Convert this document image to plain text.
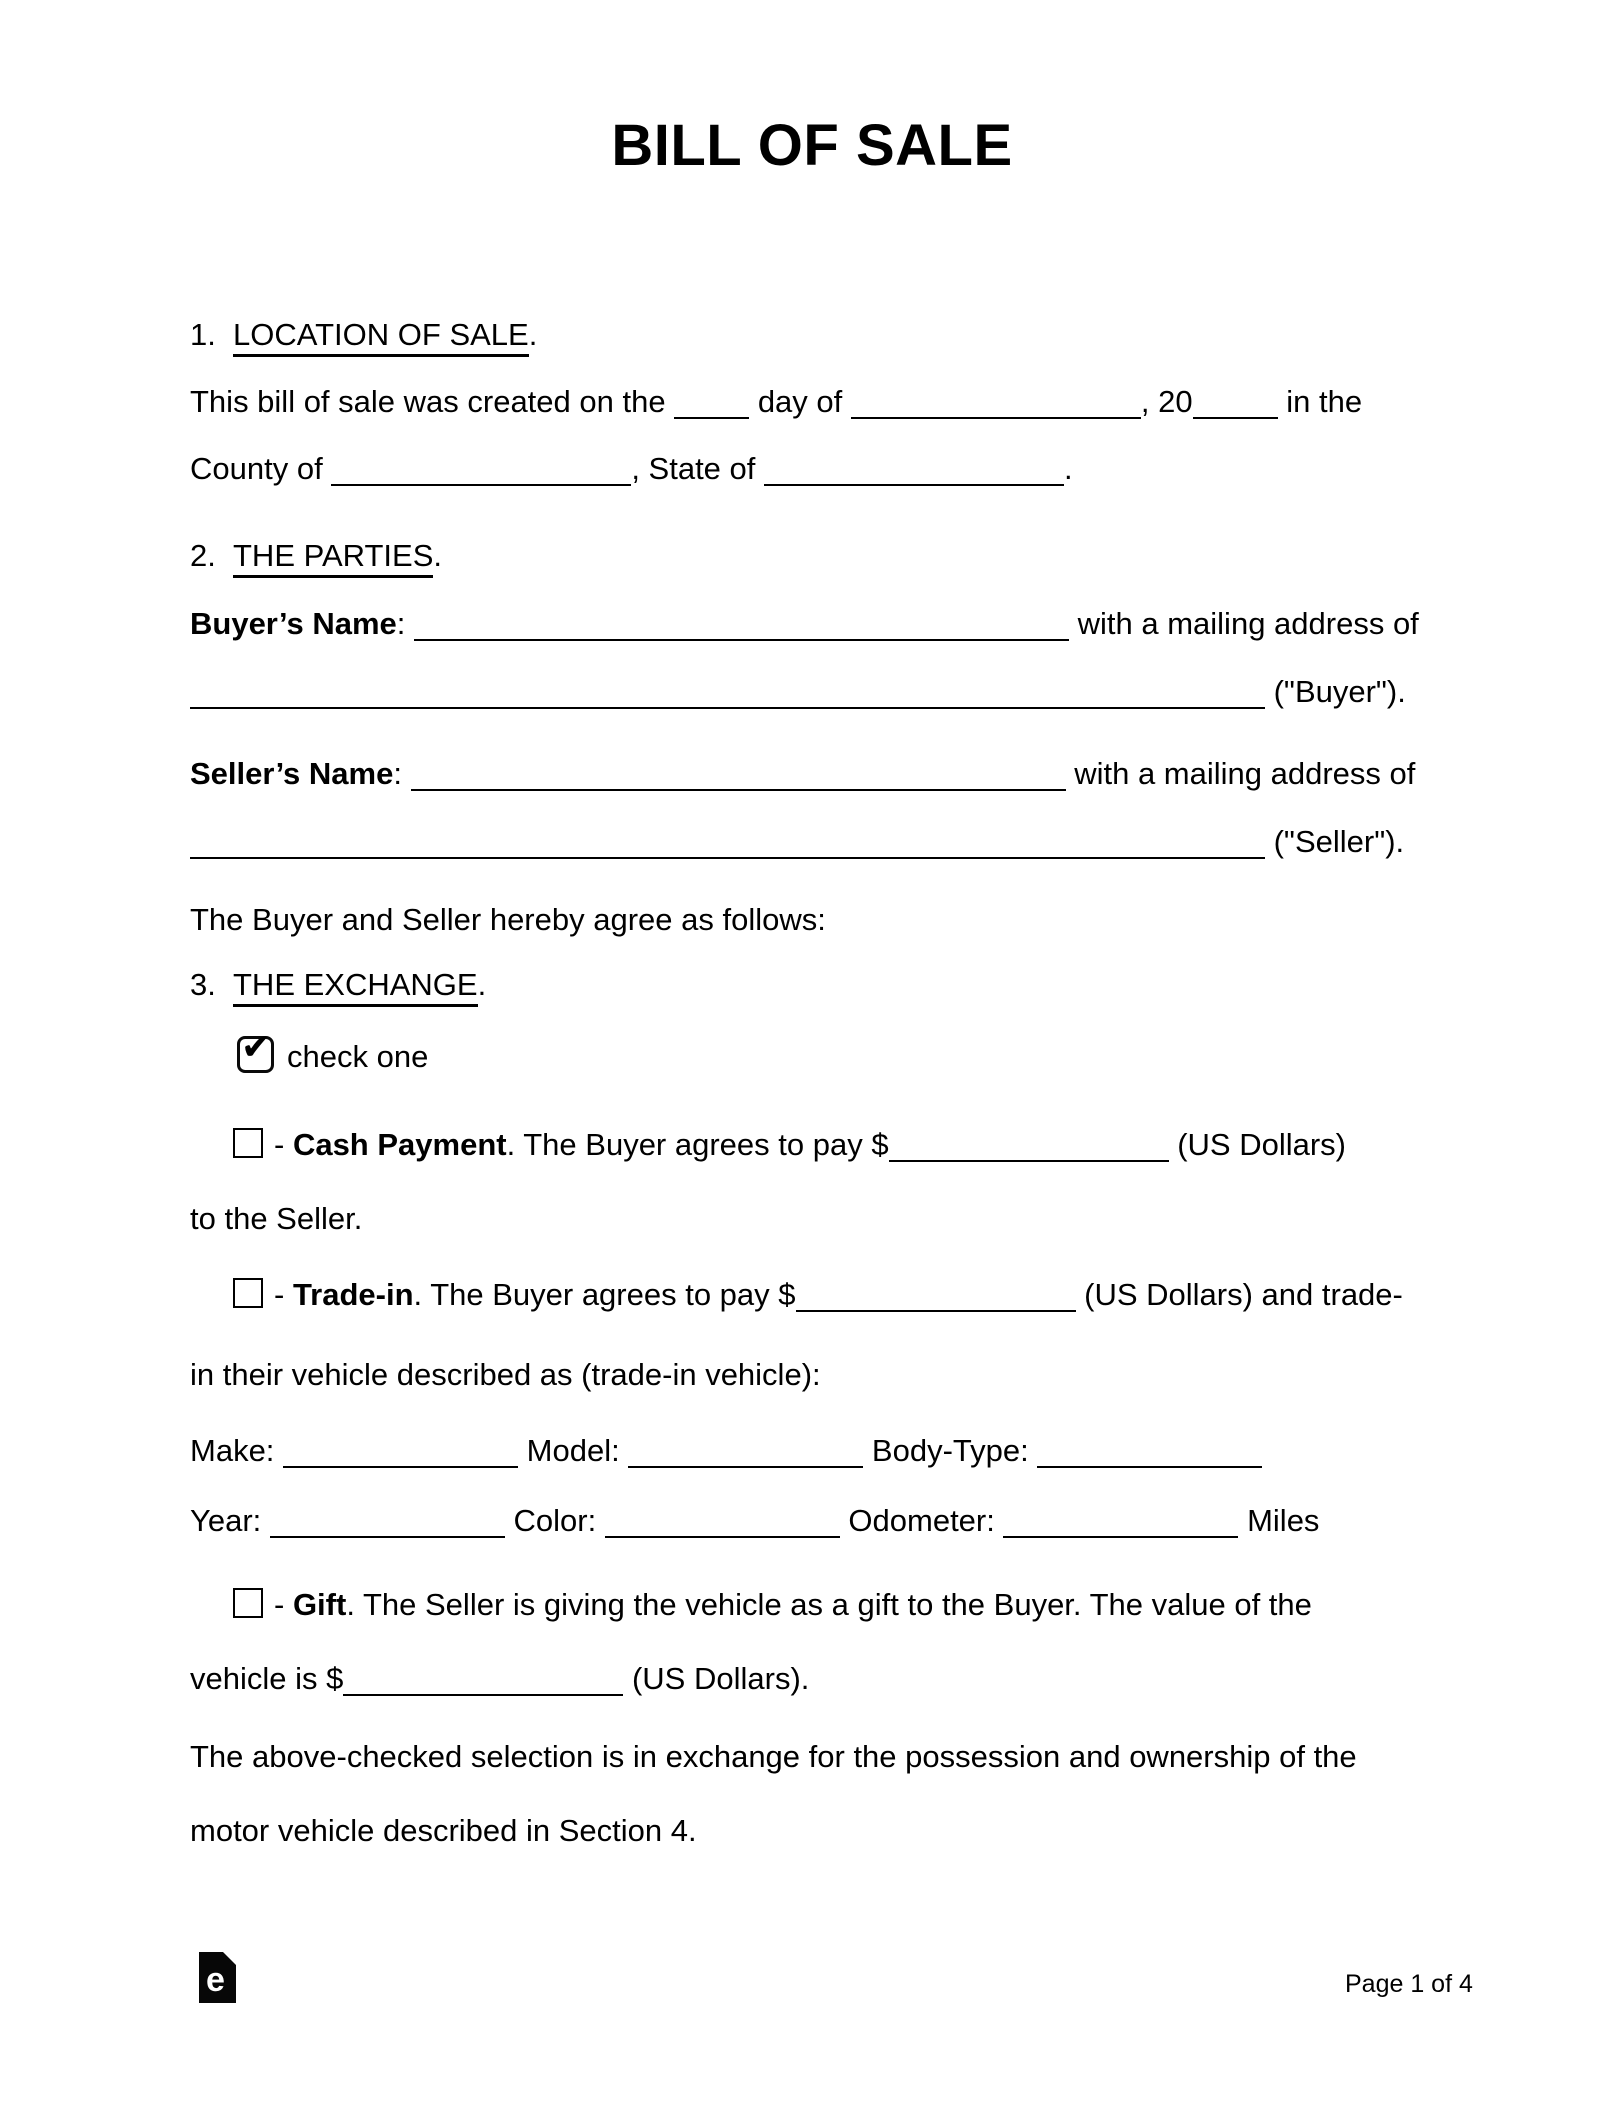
BILL OF SALE
1. LOCATION OF SALE.
This bill of sale was created on the  day of	, 20	in the
County of	, State of	.
2. THE PARTIES.
Buyer’s Name:	with a mailing address of
("Buyer").
Seller’s Name:	with a mailing address of
("Seller").
The Buyer and Seller hereby agree as follows:
3. THE EXCHANGE.
✔ check one
- Cash Payment. The Buyer agrees to pay $	(US Dollars)
to the Seller.
- Trade-in. The Buyer agrees to pay $	(US Dollars) and trade-
in their vehicle described as (trade-in vehicle):
Make:	Model:	Body-Type:
Year:	Color:	Odometer:	Miles
- Gift. The Seller is giving the vehicle as a gift to the Buyer. The value of the
vehicle is $	(US Dollars).
The above-checked selection is in exchange for the possession and ownership of the
motor vehicle described in Section 4.
e	Page 1 of 4
